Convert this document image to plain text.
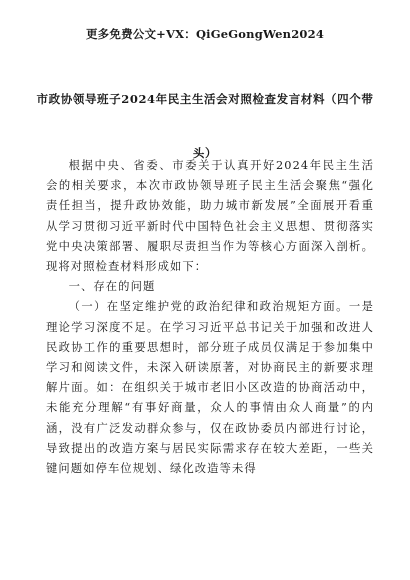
更多免费公文+VX：QiGeGongWen2024
市政协领导班子2024年民主生活会对照检查发言材料（四个带头）

根据中央、省委、市委关于认真开好2024年民主生活会的相关要求，本次市政协领导班子民主生活会聚焦“强化责任担当，提升政协效能，助力城市新发展”全面展开看重从学习贯彻习近平新时代中国特色社会主义思想、贯彻落实党中央决策部署、履职尽责担当作为等核心方面深入剖析。现将对照检查材料形成如下：

一、存在的问题

（一）在坚定维护党的政治纪律和政治规矩方面。一是理论学习深度不足。在学习习近平总书记关于加强和改进人民政协工作的重要思想时，部分班子成员仅满足于参加集中学习和阅读文件，未深入研读原著，对协商民主的新要求理解片面。如：在组织关于城市老旧小区改造的协商活动中，未能充分理解“有事好商量，众人的事情由众人商量”的内涵，没有广泛发动群众参与，仅在政协委员内部进行讨论，导致提出的改造方案与居民实际需求存在较大差距，一些关键问题如停车位规划、绿化改造等未得
